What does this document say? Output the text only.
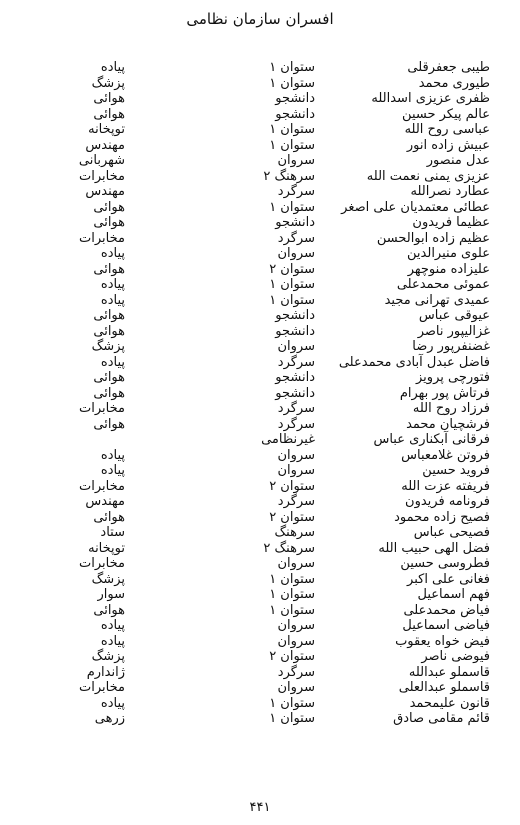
افسران سازمان نظامی
طیبی جعفرقلی
ستوان ۱
پیاده
طیوری محمد
ستوان ۱
پزشگ
ظفری عزیزی اسدالله
دانشجو
هوائی
عالم پیکر حسین
دانشجو
هوائی
عباسی روح الله
ستوان ۱
توپخانه
عبیش زاده انور
ستوان ۱
مهندس
عدل منصور
سروان
شهربانی
عزیزی یمنی نعمت الله
سرهنگ ۲
مخابرات
عطارد نصرالله
سرگرد
مهندس
عطائی معتمدیان علی اصغر
ستوان ۱
هوائی
عظیما فریدون
دانشجو
هوائی
عظیم زاده ابوالحسن
سرگرد
مخابرات
علوی منیرالدین
سروان
پیاده
علیزاده منوچهر
ستوان ۲
هوائی
عموئی محمدعلی
ستوان ۱
پیاده
عمیدی تهرانی مجید
ستوان ۱
پیاده
عیوقی عباس
دانشجو
هوائی
غزالیپور ناصر
دانشجو
هوائی
غضنفرپور رضا
سروان
پزشگ
فاضل عبدل آبادی محمدعلی
سرگرد
پیاده
فتورچی پرویز
دانشجو
هوائی
فرتاش پور بهرام
دانشجو
هوائی
فرزاد روح الله
سرگرد
مخابرات
فرشچیان محمد
سرگرد
هوائی
فرقانی آبکناری عباس
غیرنظامی
فروتن غلامعباس
سروان
پیاده
فروید حسین
سروان
پیاده
فریفته عزت الله
ستوان ۲
مخابرات
فرونامه فریدون
سرگرد
مهندس
فصیح زاده محمود
ستوان ۲
هوائی
فصیحی عباس
سرهنگ
ستاد
فضل الهی حبیب الله
سرهنگ ۲
توپخانه
فطروسی حسین
سروان
مخابرات
فغانی علی اکبر
ستوان ۱
پزشگ
فهم اسماعیل
ستوان ۱
سوار
فیاض محمدعلی
ستوان ۱
هوائی
فیاضی اسماعیل
سروان
پیاده
فیض خواه یعقوب
سروان
پیاده
فیوضی ناصر
ستوان ۲
پزشگ
قاسملو عبدالله
سرگرد
ژاندارم
قاسملو عبدالعلی
سروان
مخابرات
قانون علیمحمد
ستوان ۱
پیاده
قائم مقامی صادق
ستوان ۱
زرهی
۴۴۱
